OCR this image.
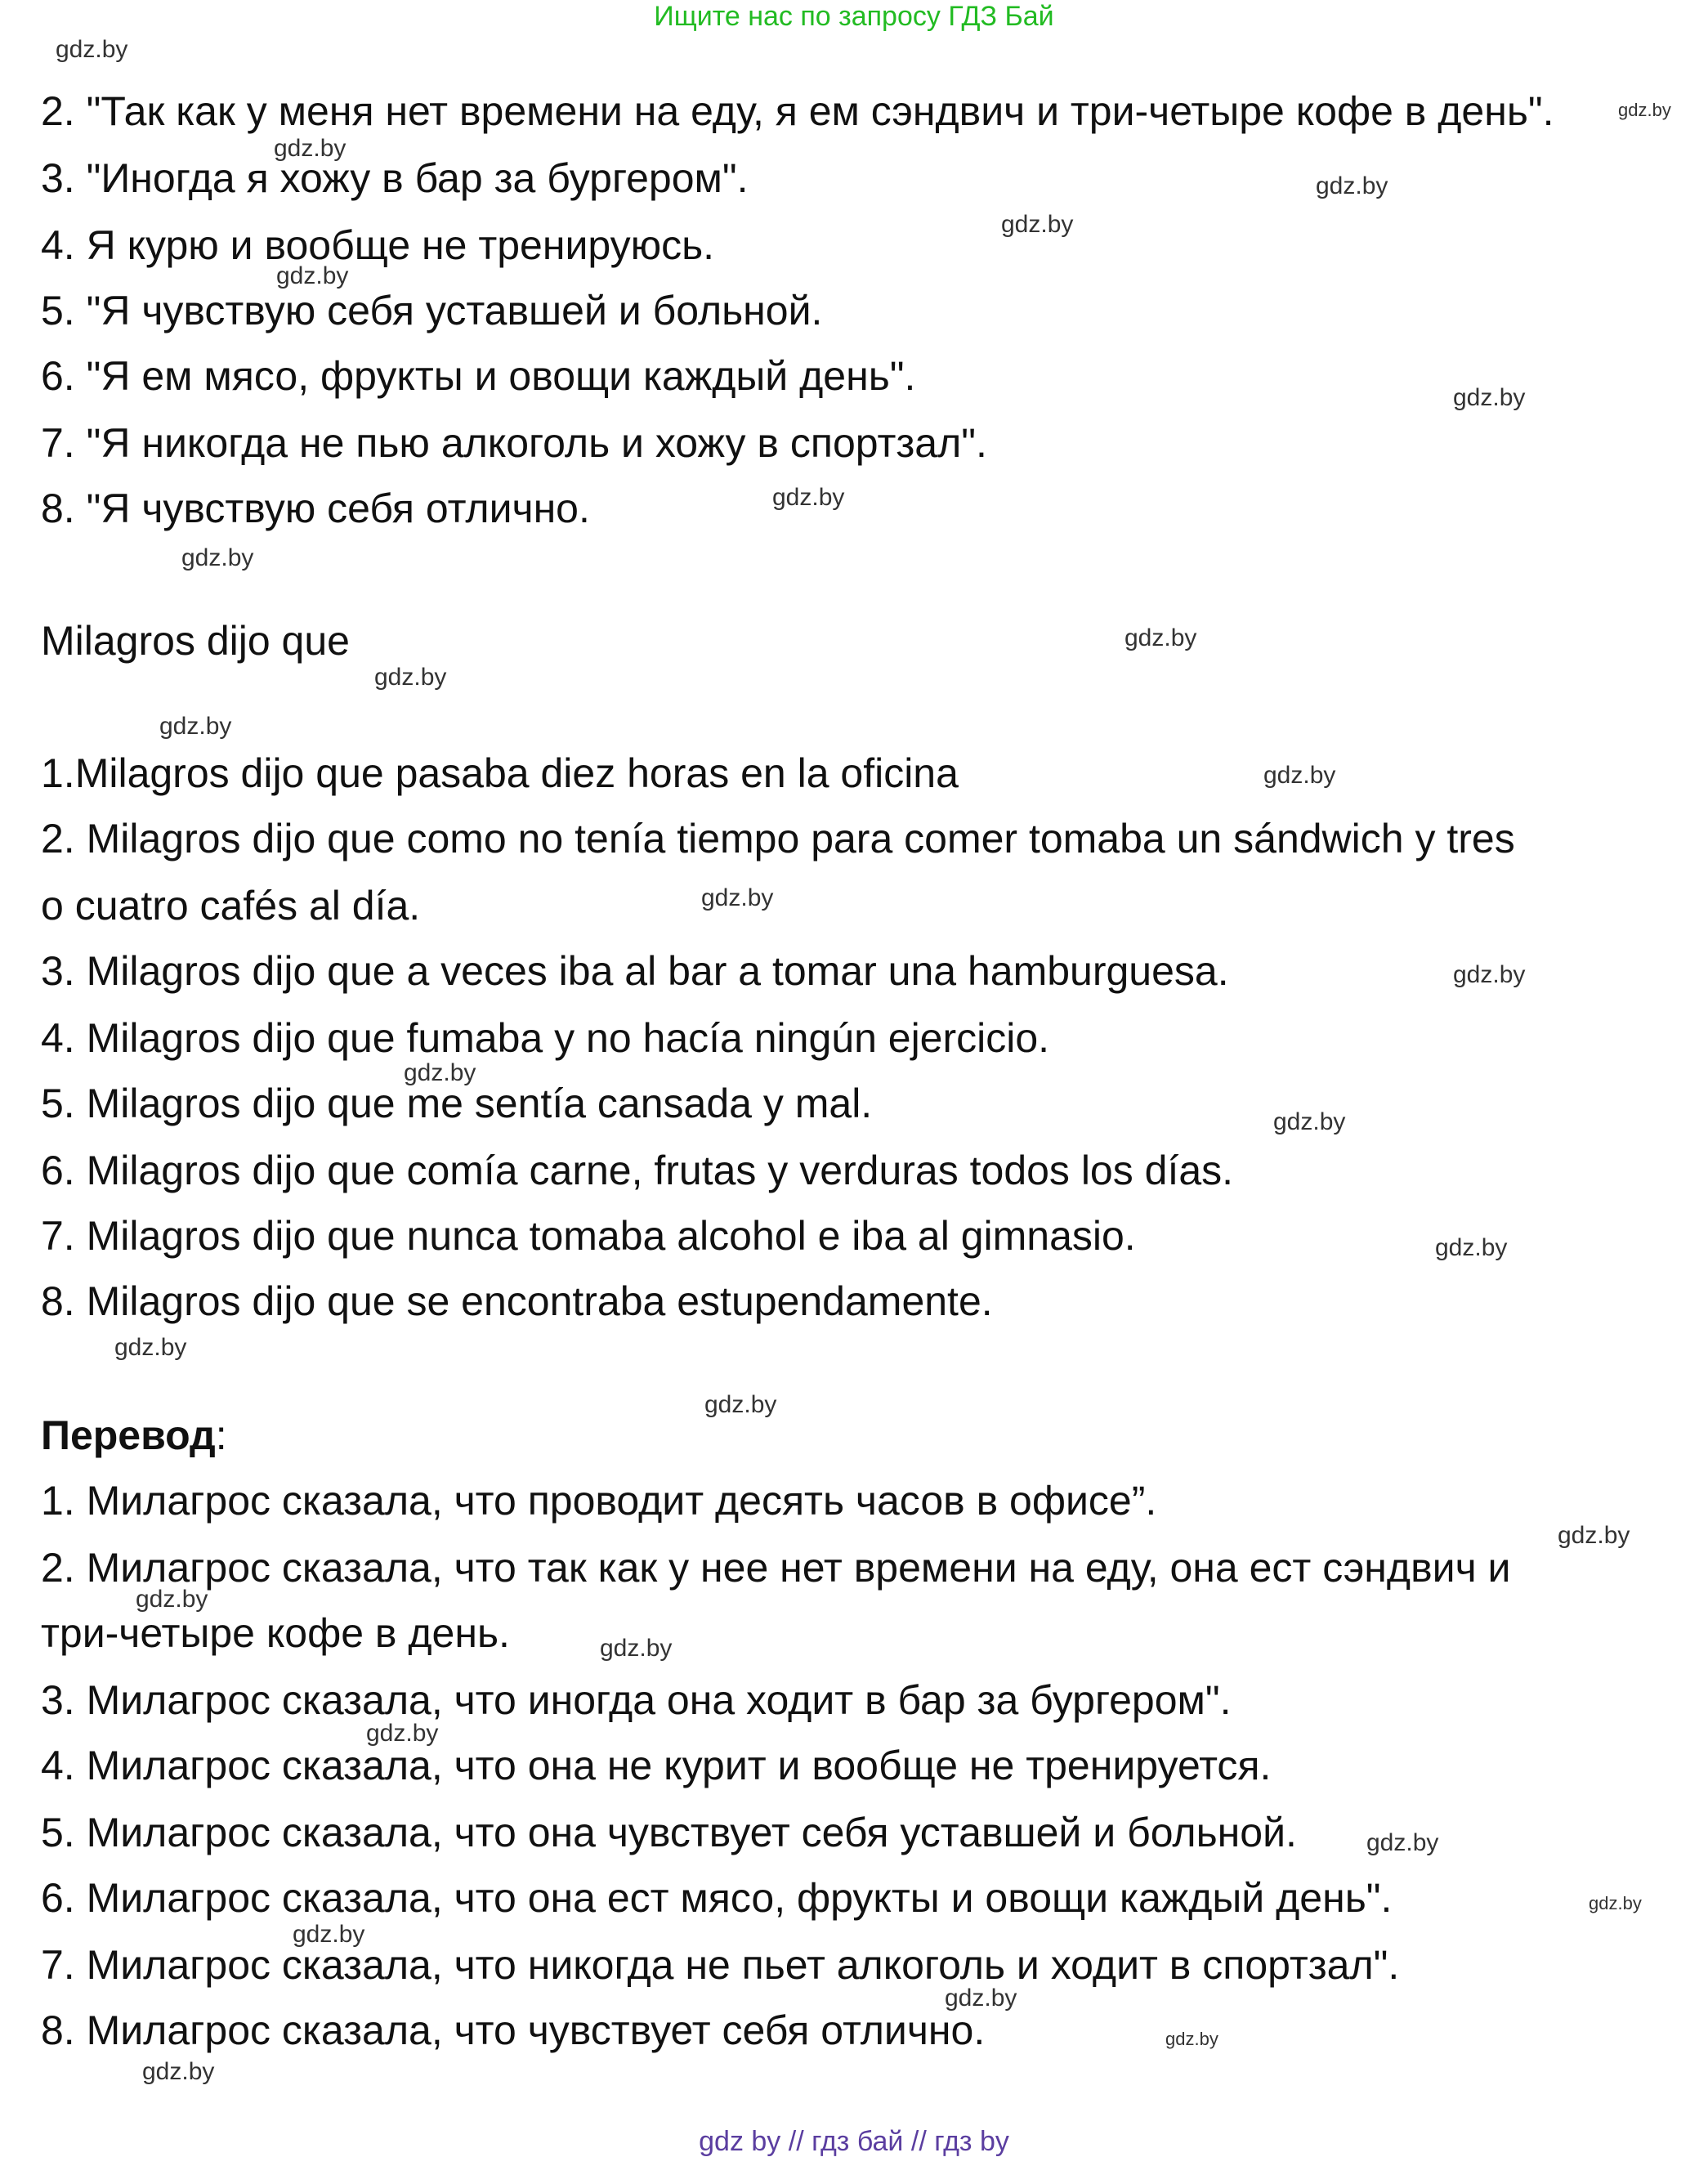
Ищите нас по запросу ГДЗ Бай
2. "Так как у меня нет времени на еду, я ем сэндвич и три-четыре кофе в день".
3. "Иногда я хожу в бар за бургером".
4. Я курю и вообще не тренируюсь.
5. "Я чувствую себя уставшей и больной.
6. "Я ем мясо, фрукты и овощи каждый день".
7. "Я никогда не пью алкоголь и хожу в спортзал".
8. "Я чувствую себя отлично.
Milagros dijo que
1.Milagros dijo que pasaba diez horas en la oficina
2. Milagros dijo que como no tenía tiempo para comer tomaba un sándwich y tres
o cuatro cafés al día.
3. Milagros dijo que a veces iba al bar a tomar una hamburguesa.
4. Milagros dijo que fumaba y no hacía ningún ejercicio.
5. Milagros dijo que me sentía cansada y mal.
6. Milagros dijo que comía carne, frutas y verduras todos los días.
7. Milagros dijo que nunca tomaba alcohol e iba al gimnasio.
8. Milagros dijo que se encontraba estupendamente.
Перевод:
1. Милагрос сказала, что проводит десять часов в офисе”.
2. Милагрос сказала, что так как у нее нет времени на еду, она ест сэндвич и
три-четыре кофе в день.
3. Милагрос сказала, что иногда она ходит в бар за бургером".
4. Милагрос сказала, что она не курит и вообще не тренируется.
5. Милагрос сказала, что она чувствует себя уставшей и больной.
6. Милагрос сказала, что она ест мясо, фрукты и овощи каждый день".
7. Милагрос сказала, что никогда не пьет алкоголь и ходит в спортзал".
8. Милагрос сказала, что чувствует себя отлично.
gdz.by
gdz.by
gdz.by
gdz.by
gdz.by
gdz.by
gdz.by
gdz.by
gdz.by
gdz.by
gdz.by
gdz.by
gdz.by
gdz.by
gdz.by
gdz.by
gdz.by
gdz.by
gdz.by
gdz.by
gdz.by
gdz.by
gdz.by
gdz.by
gdz.by
gdz.by
gdz.by
gdz.by
gdz.by
gdz.by
gdz by // гдз бай // гдз by
